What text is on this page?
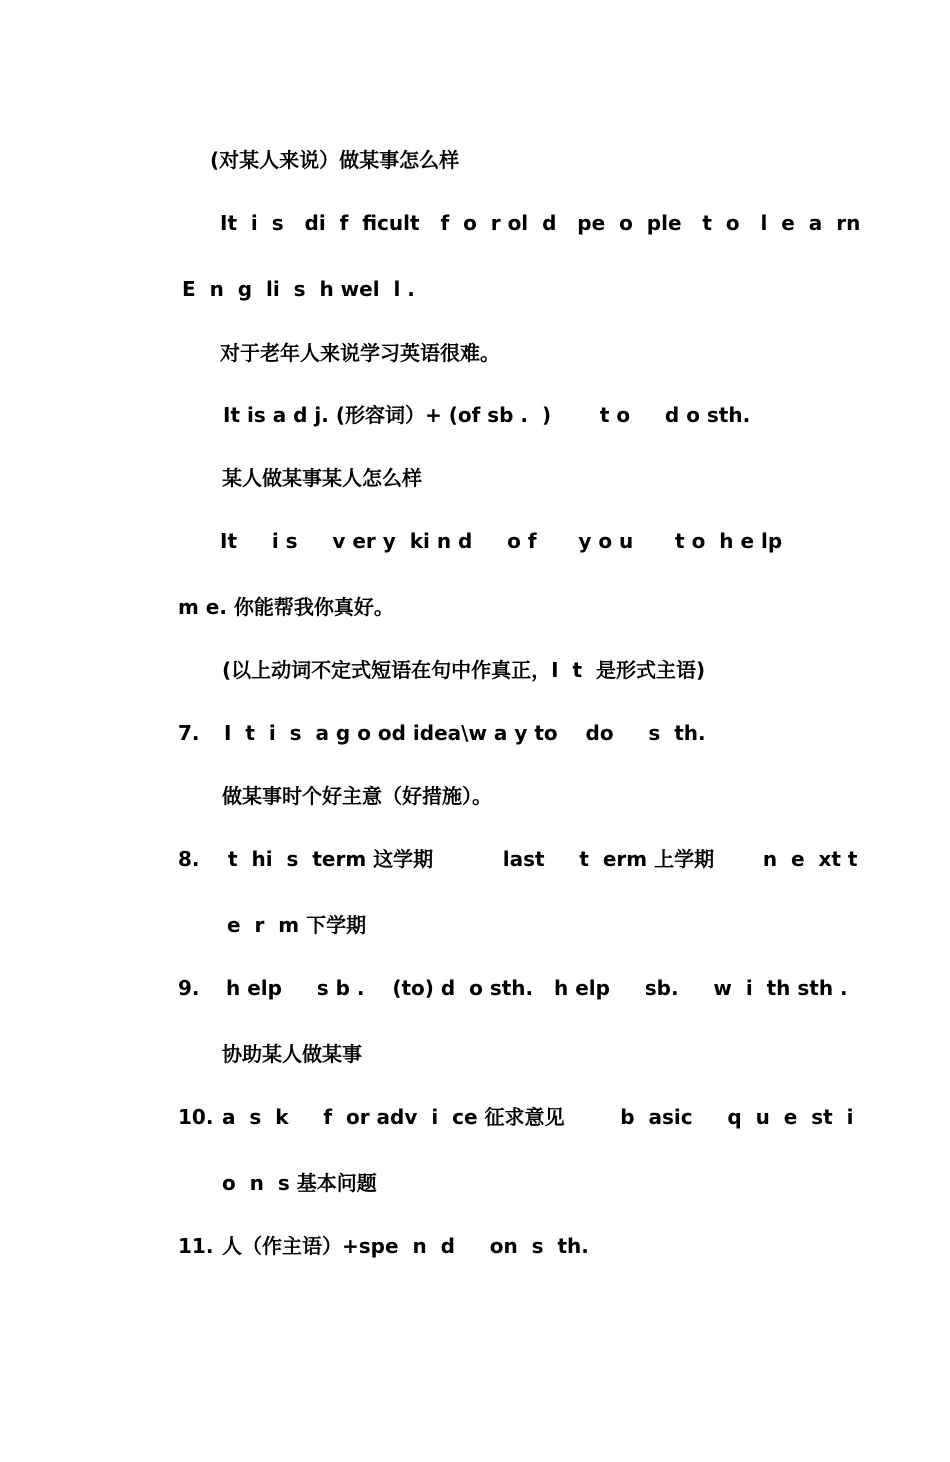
(对某人来说）做某事怎么样
It  i  s   di  f  ficult   f  o  r ol  d   pe  o  ple   t  o   l  e  a  rn
E  n  g  li  s  h wel  l .
对于老年人来说学习英语很难。
It is a d j. (形容词）+ (of sb .  )       t o     d o sth.
某人做某事某人怎么样
It     i s     v er y  ki n d     o f      y o u      t o  h e lp
m e. 你能帮我你真好。
(以上动词不定式短语在句中作真正，I  t  是形式主语)
7. I  t  i  s  a g o od idea\w a y to    do     s  th.
做某事时个好主意（好措施）。
8. t  hi  s  term 这学期          last     t  erm 上学期       n  e  xt t
e  r  m 下学期
9. h elp     s b .    (to) d  o sth.   h elp     sb.     w  i  th sth .
协助某人做某事
10. a  s  k     f  or adv  i  ce 征求意见        b  asic     q  u  e  st  i
o  n  s 基本问题
11. 人（作主语）+spe  n  d     on  s  th.
